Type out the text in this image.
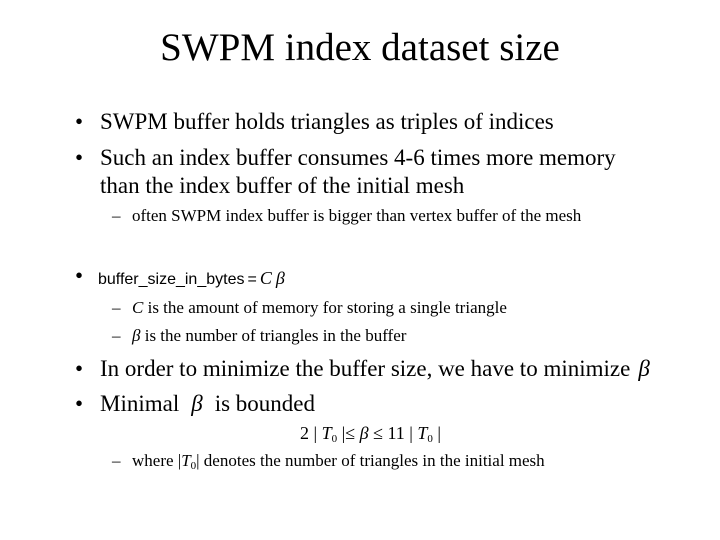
SWPM index dataset size
• SWPM buffer holds triangles as triples of indices
• Such an index buffer consumes 4-6 times more memory
than the index buffer of the initial mesh
– often SWPM index buffer is bigger than vertex buffer of the mesh
• buffer_size_in_bytes = C β
– C is the amount of memory for storing a single triangle
– β is the number of triangles in the buffer
• In order to minimize the buffer size, we have to minimize β
• Minimal β is bounded
2 | $T_0$ |≤ β ≤ 11 | $T_0$ |
– where $|T_0|$ denotes the number of triangles in the initial mesh
